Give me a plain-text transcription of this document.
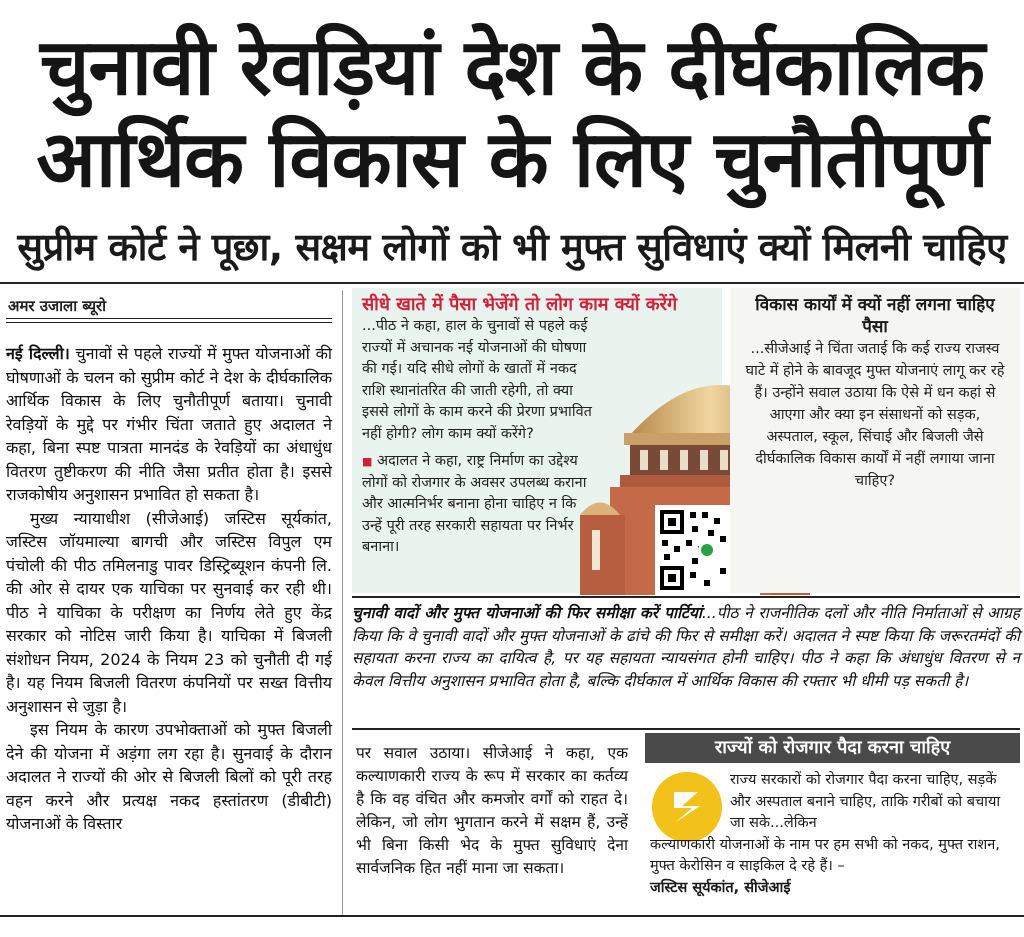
चुनावी रेवड़ियां देश के दीर्घकालिक
आर्थिक विकास के लिए चुनौतीपूर्ण
सुप्रीम कोर्ट ने पूछा, सक्षम लोगों को भी मुफ्त सुविधाएं क्यों मिलनी चाहिए
अमर उजाला ब्यूरो

नई दिल्ली। चुनावों से पहले राज्यों में मुफ्त योजनाओं की घोषणाओं के चलन को सुप्रीम कोर्ट ने देश के दीर्घकालिक आर्थिक विकास के लिए चुनौतीपूर्ण बताया। चुनावी रेवड़ियों के मुद्दे पर गंभीर चिंता जताते हुए अदालत ने कहा, बिना स्पष्ट पात्रता मानदंड के रेवड़ियों का अंधाधुंध वितरण तुष्टीकरण की नीति जैसा प्रतीत होता है। इससे राजकोषीय अनुशासन प्रभावित हो सकता है।

मुख्य न्यायाधीश (सीजेआई) जस्टिस सूर्यकांत, जस्टिस जॉयमाल्या बागची और जस्टिस विपुल एम पंचोली की पीठ तमिलनाडु पावर डिस्ट्रिब्यूशन कंपनी लि. की ओर से दायर एक याचिका पर सुनवाई कर रही थी। पीठ ने याचिका के परीक्षण का निर्णय लेते हुए केंद्र सरकार को नोटिस जारी किया है। याचिका में बिजली संशोधन नियम, 2024 के नियम 23 को चुनौती दी गई है। यह नियम बिजली वितरण कंपनियों पर सख्त वित्तीय अनुशासन से जुड़ा है।

इस नियम के कारण उपभोक्ताओं को मुफ्त बिजली देने की योजना में अड़ंगा लग रहा है। सुनवाई के दौरान अदालत ने राज्यों की ओर से बिजली बिलों को पूरी तरह वहन करने और प्रत्यक्ष नकद हस्तांतरण (डीबीटी) योजनाओं के विस्तार

सीधे खाते में पैसा भेजेंगे तो लोग काम क्यों करेंगे
...पीठ ने कहा, हाल के चुनावों से पहले कई राज्यों में अचानक नई योजनाओं की घोषणा की गई। यदि सीधे लोगों के खातों में नकद राशि स्थानांतरित की जाती रहेगी, तो क्या इससे लोगों के काम करने की प्रेरणा प्रभावित नहीं होगी? लोग काम क्यों करेंगे?
■ अदालत ने कहा, राष्ट्र निर्माण का उद्देश्य लोगों को रोजगार के अवसर उपलब्ध कराना और आत्मनिर्भर बनाना होना चाहिए न कि उन्हें पूरी तरह सरकारी सहायता पर निर्भर बनाना।
विकास कार्यों में क्यों नहीं लगना चाहिए पैसा
...सीजेआई ने चिंता जताई कि कई राज्य राजस्व घाटे में होने के बावजूद मुफ्त योजनाएं लागू कर रहे हैं। उन्होंने सवाल उठाया कि ऐसे में धन कहां से आएगा और क्या इन संसाधनों को सड़क, अस्पताल, स्कूल, सिंचाई और बिजली जैसे दीर्घकालिक विकास कार्यों में नहीं लगाया जाना चाहिए?
चुनावी वादों और मुफ्त योजनाओं की फिर समीक्षा करें पार्टियां...पीठ ने राजनीतिक दलों और नीति निर्माताओं से आग्रह किया कि वे चुनावी वादों और मुफ्त योजनाओं के ढांचे की फिर से समीक्षा करें। अदालत ने स्पष्ट किया कि जरूरतमंदों की सहायता करना राज्य का दायित्व है, पर यह सहायता न्यायसंगत होनी चाहिए। पीठ ने कहा कि अंधाधुंध वितरण से न केवल वित्तीय अनुशासन प्रभावित होता है, बल्कि दीर्घकाल में आर्थिक विकास की रफ्तार भी धीमी पड़ सकती है।

पर सवाल उठाया। सीजेआई ने कहा, एक कल्याणकारी राज्य के रूप में सरकार का कर्तव्य है कि वह वंचित और कमजोर वर्गों को राहत दे। लेकिन, जो लोग भुगतान करने में सक्षम हैं, उन्हें भी बिना किसी भेद के मुफ्त सुविधाएं देना सार्वजनिक हित नहीं माना जा सकता।

राज्यों को रोजगार पैदा करना चाहिए
राज्य सरकारों को रोजगार पैदा करना चाहिए, सड़कें और अस्पताल बनाने चाहिए, ताकि गरीबों को बचाया जा सके...लेकिन
कल्याणकारी योजनाओं के नाम पर हम सभी को नकद, मुफ्त राशन, मुफ्त केरोसिन व साइकिल दे रहे हैं। –
जस्टिस सूर्यकांत, सीजेआई
